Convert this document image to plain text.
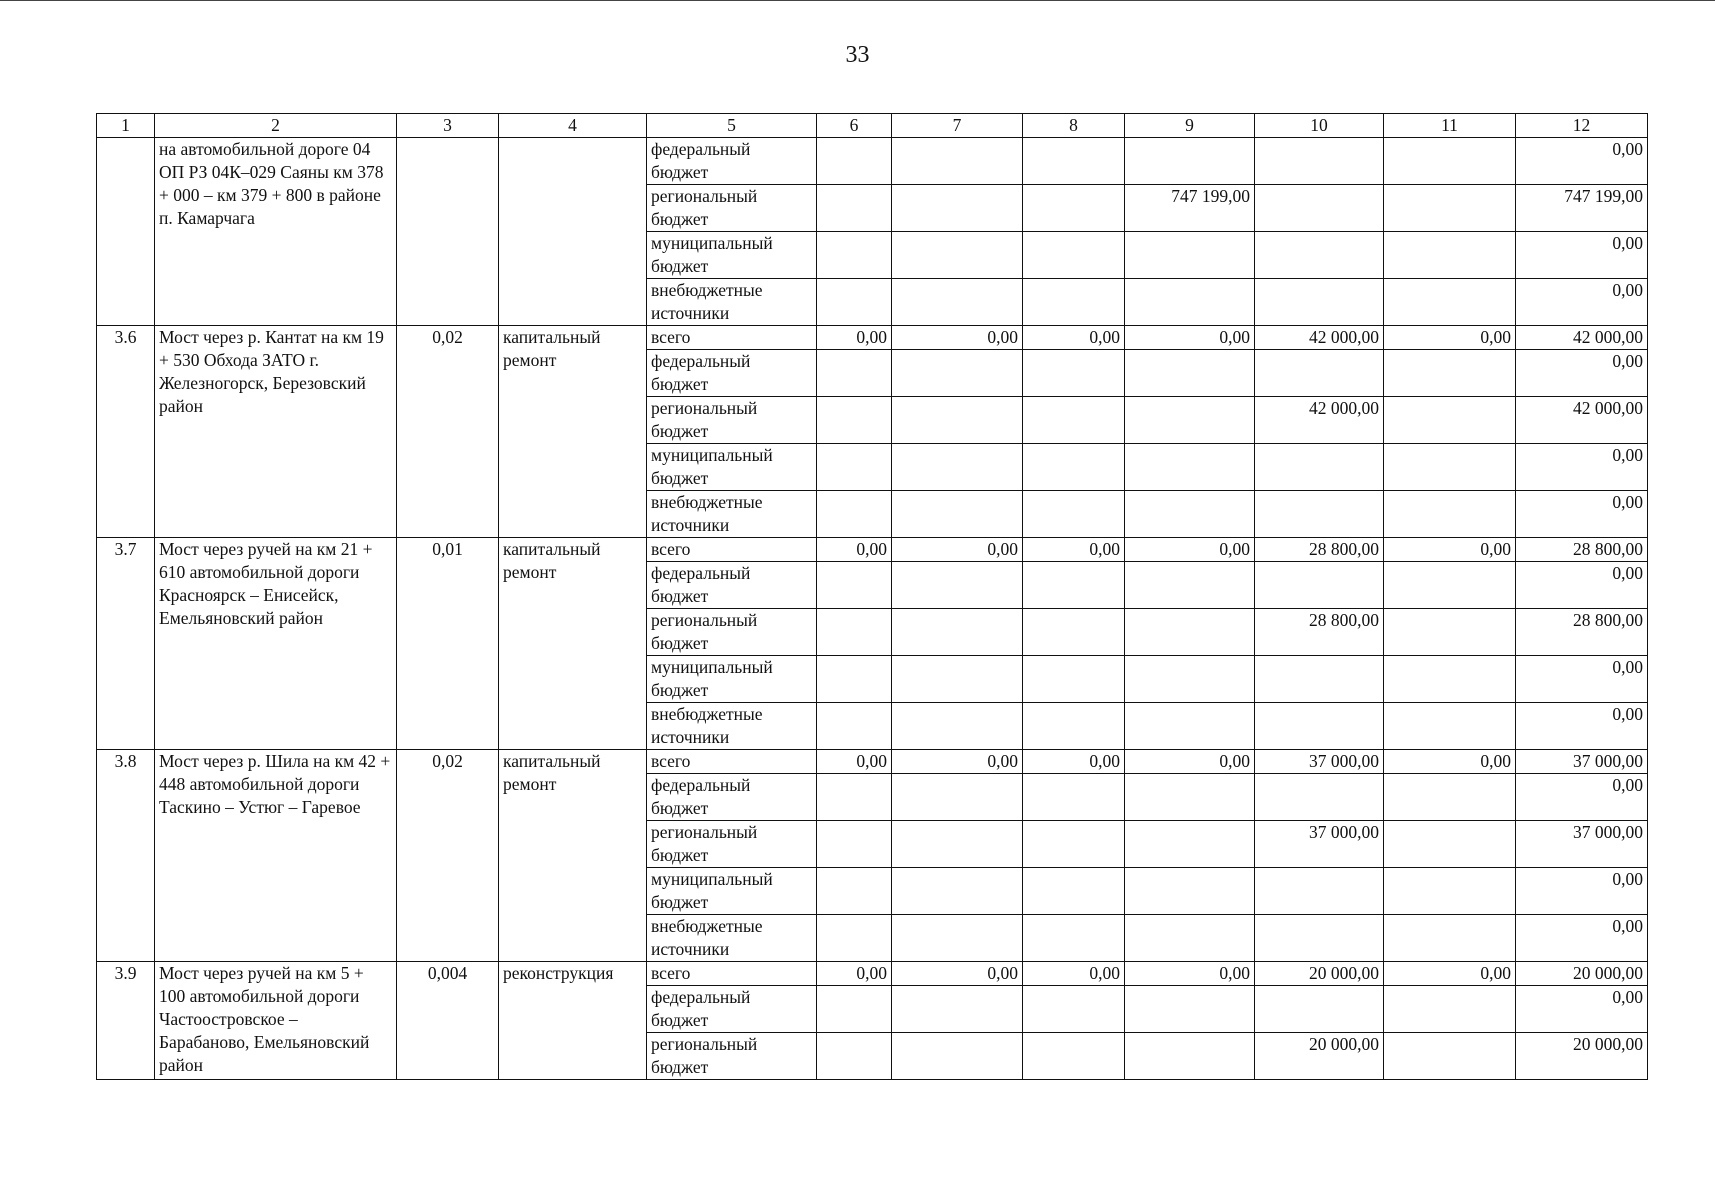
33
1	2	3	4	5	6	7	8	9	10	11	12
	на автомобильной дороге 04 ОП РЗ 04К–029 Саяны км 378 + 000 – км 379 + 800 в районе п. Камарчага			федеральный бюджет							0,00
				региональный бюджет				747 199,00			747 199,00
				муниципальный бюджет							0,00
				внебюджетные источники							0,00
3.6	Мост через р. Кантат на км 19 + 530 Обхода ЗАТО г. Железногорск, Березовский район	0,02	капитальный ремонт	всего	0,00	0,00	0,00	0,00	42 000,00	0,00	42 000,00
				федеральный бюджет							0,00
				региональный бюджет					42 000,00		42 000,00
				муниципальный бюджет							0,00
				внебюджетные источники							0,00
3.7	Мост через ручей на км 21 + 610 автомобильной дороги Красноярск – Енисейск, Емельяновский район	0,01	капитальный ремонт	всего	0,00	0,00	0,00	0,00	28 800,00	0,00	28 800,00
				федеральный бюджет							0,00
				региональный бюджет					28 800,00		28 800,00
				муниципальный бюджет							0,00
				внебюджетные источники							0,00
3.8	Мост через р. Шила на км 42 + 448 автомобильной дороги Таскино – Устюг – Гаревое	0,02	капитальный ремонт	всего	0,00	0,00	0,00	0,00	37 000,00	0,00	37 000,00
				федеральный бюджет							0,00
				региональный бюджет					37 000,00		37 000,00
				муниципальный бюджет							0,00
				внебюджетные источники							0,00
3.9	Мост через ручей на км 5 + 100 автомобильной дороги Частоостровское – Барабаново, Емельяновский район	0,004	реконструкция	всего	0,00	0,00	0,00	0,00	20 000,00	0,00	20 000,00
				федеральный бюджет							0,00
				региональный бюджет					20 000,00		20 000,00
